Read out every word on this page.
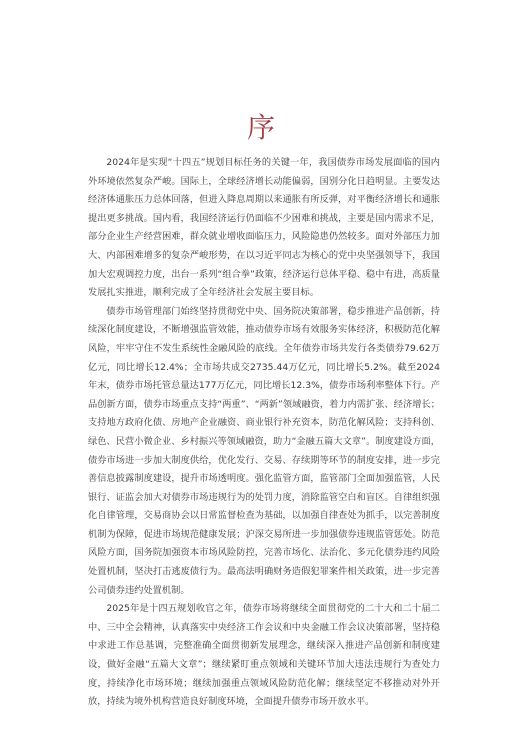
序

2024年是实现“十四五”规划目标任务的关键一年，我国债券市场发展面临的国内外环境依然复杂严峻。国际上，全球经济增长动能偏弱，国别分化日趋明显。主要发达经济体通胀压力总体回落，但进入降息周期以来通胀有所反弹，对平衡经济增长和通胀提出更多挑战。国内看，我国经济运行仍面临不少困难和挑战，主要是国内需求不足，部分企业生产经营困难，群众就业增收面临压力，风险隐患仍然较多。面对外部压力加大、内部困难增多的复杂严峻形势，在以习近平同志为核心的党中央坚强领导下，我国加大宏观调控力度，出台一系列“组合拳”政策，经济运行总体平稳、稳中有进，高质量发展扎实推进，顺利完成了全年经济社会发展主要目标。

债券市场管理部门始终坚持贯彻党中央、国务院决策部署，稳步推进产品创新，持续深化制度建设，不断增强监管效能，推动债券市场有效服务实体经济，积极防范化解风险，牢牢守住不发生系统性金融风险的底线。全年债券市场共发行各类债券79.62万亿元，同比增长12.4%；全市场共成交2735.44万亿元，同比增长5.2%。截至2024年末，债券市场托管总量达177万亿元，同比增长12.3%，债券市场利率整体下行。产品创新方面，债券市场重点支持“两重”、“两新”领域融资，着力内需扩张、经济增长；支持地方政府化债、房地产企业融资、商业银行补充资本，防范化解风险；支持科创、绿色、民营小微企业、乡村振兴等领域融资，助力“金融五篇大文章”。制度建设方面，债券市场进一步加大制度供给，优化发行、交易、存续期等环节的制度安排，进一步完善信息披露制度建设，提升市场透明度。强化监管方面，监管部门全面加强监管，人民银行、证监会加大对债券市场违规行为的处罚力度，消除监管空白和盲区。自律组织强化自律管理，交易商协会以日常监督检查为基础，以加强自律查处为抓手，以完善制度机制为保障，促进市场规范健康发展；沪深交易所进一步加强债券违规监管惩处。防范风险方面，国务院加强资本市场风险防控，完善市场化、法治化、多元化债券违约风险处置机制，坚决打击逃废债行为。最高法明确财务造假犯罪案件相关政策，进一步完善公司债券违约处置机制。

2025年是十四五规划收官之年，债券市场将继续全面贯彻党的二十大和二十届二中、三中全会精神，认真落实中央经济工作会议和中央金融工作会议决策部署，坚持稳中求进工作总基调，完整准确全面贯彻新发展理念，继续深入推进产品创新和制度建设，做好金融“五篇大文章”；继续紧盯重点领域和关键环节加大违法违规行为查处力度，持续净化市场环境；继续加强重点领域风险防范化解；继续坚定不移推动对外开放，持续为境外机构营造良好制度环境，全面提升债券市场开放水平。
